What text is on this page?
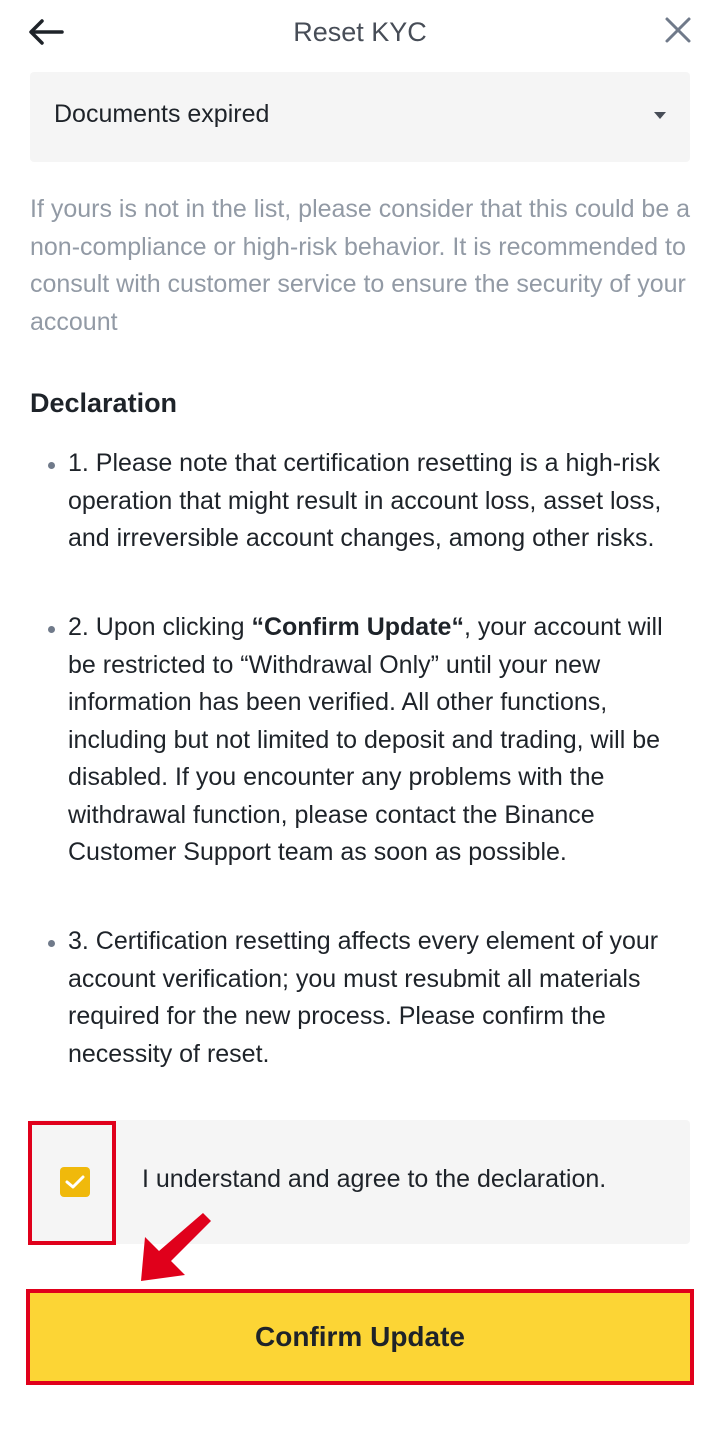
Reset KYC
Documents expired
If yours is not in the list, please consider that this could be a non-compliance or high-risk behavior. It is recommended to consult with customer service to ensure the security of your account
Declaration
1. Please note that certification resetting is a high-risk operation that might result in account loss, asset loss, and irreversible account changes, among other risks.
2. Upon clicking “Confirm Update“, your account will be restricted to “Withdrawal Only” until your new information has been verified. All other functions, including but not limited to deposit and trading, will be disabled. If you encounter any problems with the withdrawal function, please contact the Binance Customer Support team as soon as possible.
3. Certification resetting affects every element of your account verification; you must resubmit all materials required for the new process. Please confirm the necessity of reset.
I understand and agree to the declaration.
Confirm Update
